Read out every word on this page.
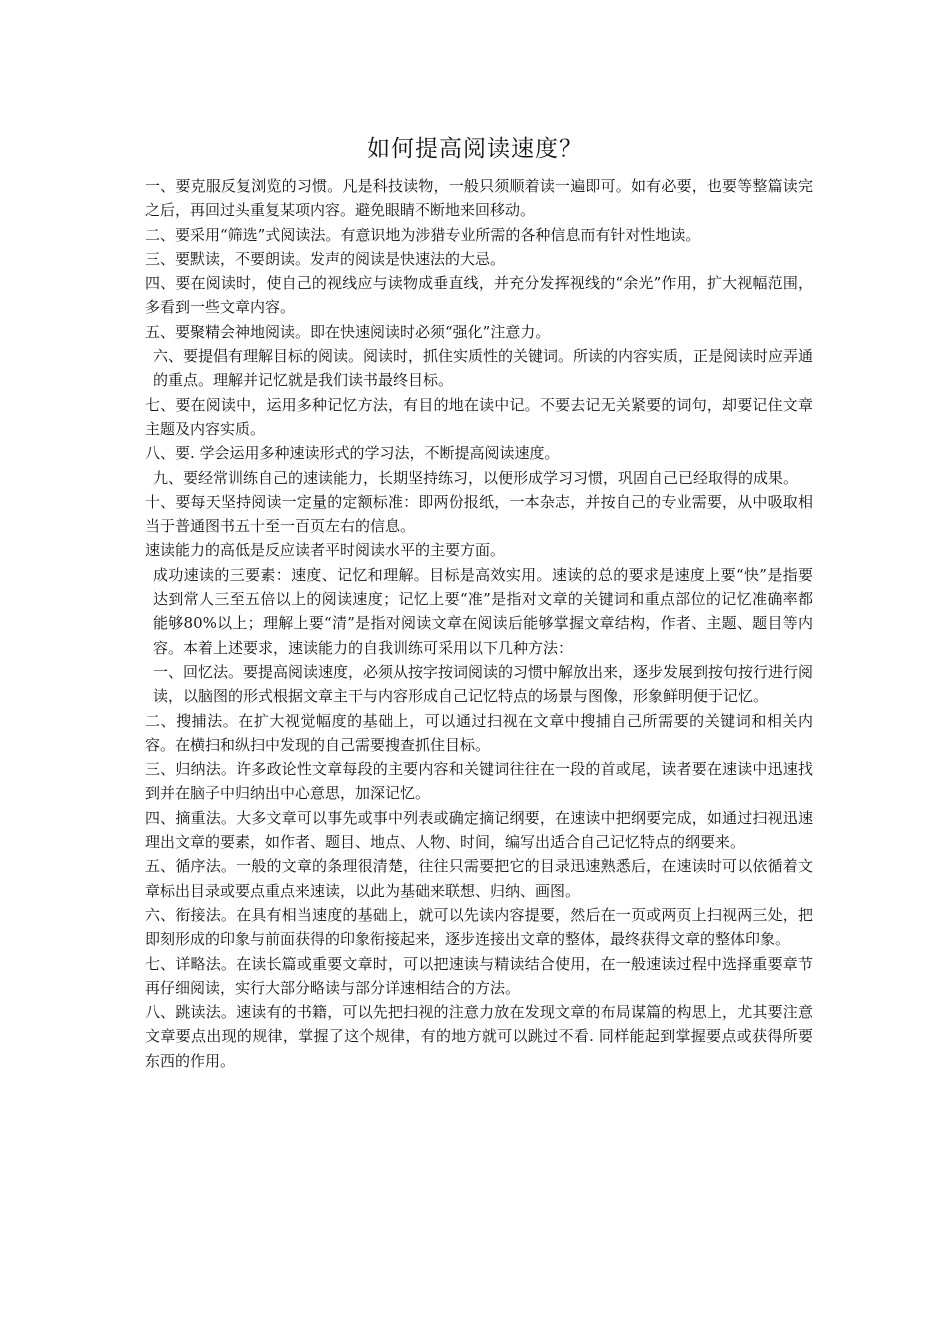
如何提高阅读速度？

一、要克服反复浏览的习惯。凡是科技读物，一般只须顺着读一遍即可。如有必要，也要等整篇读完之后，再回过头重复某项内容。避免眼睛不断地来回移动。

二、要采用“筛选”式阅读法。有意识地为涉猎专业所需的各种信息而有针对性地读。

三、要默读，不要朗读。发声的阅读是快速法的大忌。

四、要在阅读时，使自己的视线应与读物成垂直线，并充分发挥视线的“余光”作用，扩大视幅范围，多看到一些文章内容。

五、要聚精会神地阅读。即在快速阅读时必须“强化”注意力。

六、要提倡有理解目标的阅读。阅读时，抓住实质性的关键词。所读的内容实质，正是阅读时应弄通的重点。理解并记忆就是我们读书最终目标。

七、要在阅读中，运用多种记忆方法，有目的地在读中记。不要去记无关紧要的词句，却要记住文章主题及内容实质。

八、要. 学会运用多种速读形式的学习法，不断提高阅读速度。

九、要经常训练自己的速读能力，长期坚持练习，以便形成学习习惯，巩固自己已经取得的成果。

十、要每天坚持阅读一定量的定额标准：即两份报纸，一本杂志，并按自己的专业需要，从中吸取相当于普通图书五十至一百页左右的信息。

速读能力的高低是反应读者平时阅读水平的主要方面。

成功速读的三要素：速度、记忆和理解。目标是高效实用。速读的总的要求是速度上要“快”是指要达到常人三至五倍以上的阅读速度；记忆上要“准”是指对文章的关键词和重点部位的记忆准确率都能够80%以上；理解上要“清”是指对阅读文章在阅读后能够掌握文章结构，作者、主题、题目等内容。本着上述要求，速读能力的自我训练可采用以下几种方法：

一、回忆法。要提高阅读速度，必须从按字按词阅读的习惯中解放出来，逐步发展到按句按行进行阅读，以脑图的形式根据文章主干与内容形成自己记忆特点的场景与图像，形象鲜明便于记忆。

二、搜捕法。在扩大视觉幅度的基础上，可以通过扫视在文章中搜捕自己所需要的关键词和相关内容。在横扫和纵扫中发现的自己需要搜查抓住目标。

三、归纳法。许多政论性文章每段的主要内容和关键词往往在一段的首或尾，读者要在速读中迅速找到并在脑子中归纳出中心意思，加深记忆。

四、摘重法。大多文章可以事先或事中列表或确定摘记纲要，在速读中把纲要完成，如通过扫视迅速理出文章的要素，如作者、题目、地点、人物、时间，编写出适合自己记忆特点的纲要来。

五、循序法。一般的文章的条理很清楚，往往只需要把它的目录迅速熟悉后，在速读时可以依循着文章标出目录或要点重点来速读，以此为基础来联想、归纳、画图。

六、衔接法。在具有相当速度的基础上，就可以先读内容提要，然后在一页或两页上扫视两三处，把即刻形成的印象与前面获得的印象衔接起来，逐步连接出文章的整体，最终获得文章的整体印象。

七、详略法。在读长篇或重要文章时，可以把速读与精读结合使用，在一般速读过程中选择重要章节再仔细阅读，实行大部分略读与部分详速相结合的方法。

八、跳读法。速读有的书籍，可以先把扫视的注意力放在发现文章的布局谋篇的构思上，尤其要注意文章要点出现的规律，掌握了这个规律，有的地方就可以跳过不看. 同样能起到掌握要点或获得所要东西的作用。
